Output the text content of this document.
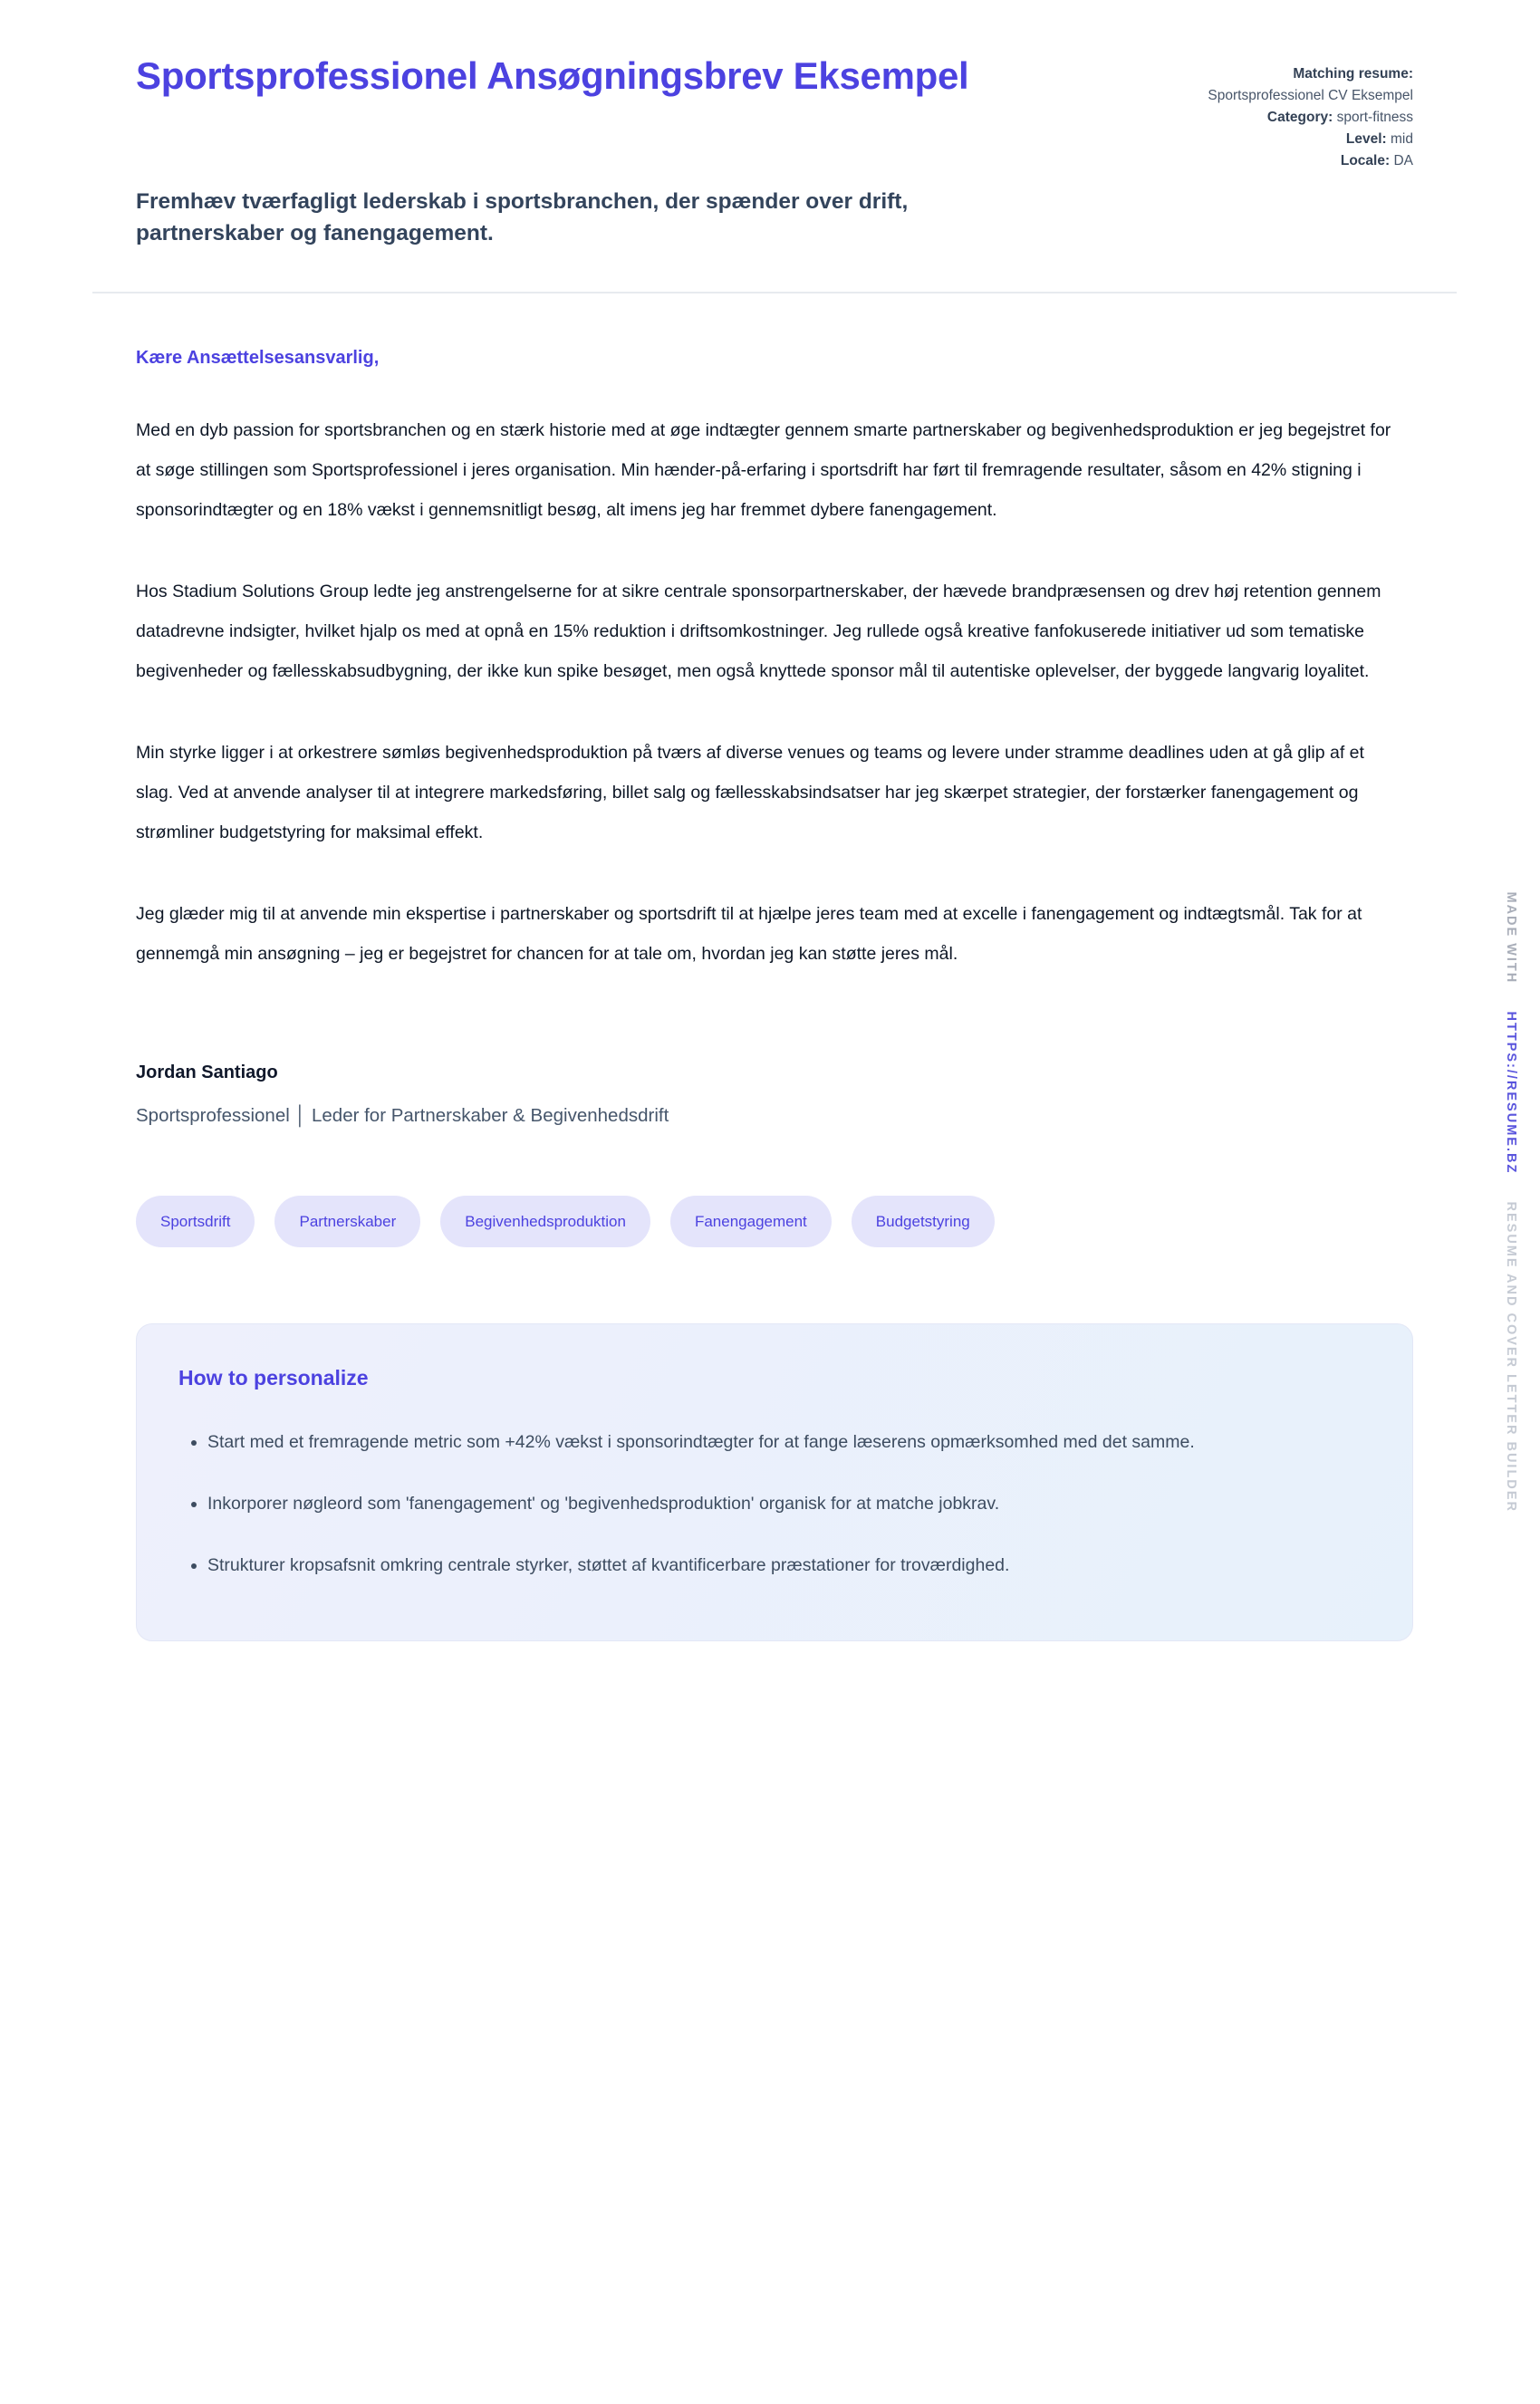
Sportsprofessionel Ansøgningsbrev Eksempel	Matching resume: Sportsprofessionel CV Eksempel
Category: sport-fitness
Level: mid
Locale: DA
Fremhæv tværfagligt lederskab i sportsbranchen, der spænder over drift, partnerskaber og fanengagement.
Kære Ansættelsesansvarlig,

Med en dyb passion for sportsbranchen og en stærk historie med at øge indtægter gennem smarte partnerskaber og begivenhedsproduktion er jeg begejstret for at søge stillingen som Sportsprofessionel i jeres organisation. Min hænder-på-erfaring i sportsdrift har ført til fremragende resultater, såsom en 42% stigning i sponsorindtægter og en 18% vækst i gennemsnitligt besøg, alt imens jeg har fremmet dybere fanengagement.

Hos Stadium Solutions Group ledte jeg anstrengelserne for at sikre centrale sponsorpartnerskaber, der hævede brandpræsensen og drev høj retention gennem datadrevne indsigter, hvilket hjalp os med at opnå en 15% reduktion i driftsomkostninger. Jeg rullede også kreative fanfokuserede initiativer ud som tematiske begivenheder og fællesskabsudbygning, der ikke kun spike besøget, men også knyttede sponsor mål til autentiske oplevelser, der byggede langvarig loyalitet.

Min styrke ligger i at orkestrere sømløs begivenhedsproduktion på tværs af diverse venues og teams og levere under stramme deadlines uden at gå glip af et slag. Ved at anvende analyser til at integrere markedsføring, billet salg og fællesskabsindsatser har jeg skærpet strategier, der forstærker fanengagement og strømliner budgetstyring for maksimal effekt.

Jeg glæder mig til at anvende min ekspertise i partnerskaber og sportsdrift til at hjælpe jeres team med at excelle i fanengagement og indtægtsmål. Tak for at gennemgå min ansøgning – jeg er begejstret for chancen for at tale om, hvordan jeg kan støtte jeres mål.

Jordan Santiago
Sportsprofessionel │ Leder for Partnerskaber & Begivenhedsdrift
Sportsdrift	Partnerskaber	Begivenhedsproduktion	Fanengagement	Budgetstyring
How to personalize
• Start med et fremragende metric som +42% vækst i sponsorindtægter for at fange læserens opmærksomhed med det samme.
• Inkorporer nøgleord som 'fanengagement' og 'begivenhedsproduktion' organisk for at matche jobkrav.
• Strukturer kropsafsnit omkring centrale styrker, støttet af kvantificerbare præstationer for troværdighed.
MADE WITH
HTTPS://RESUME.BZ
RESUME AND COVER LETTER BUILDER
